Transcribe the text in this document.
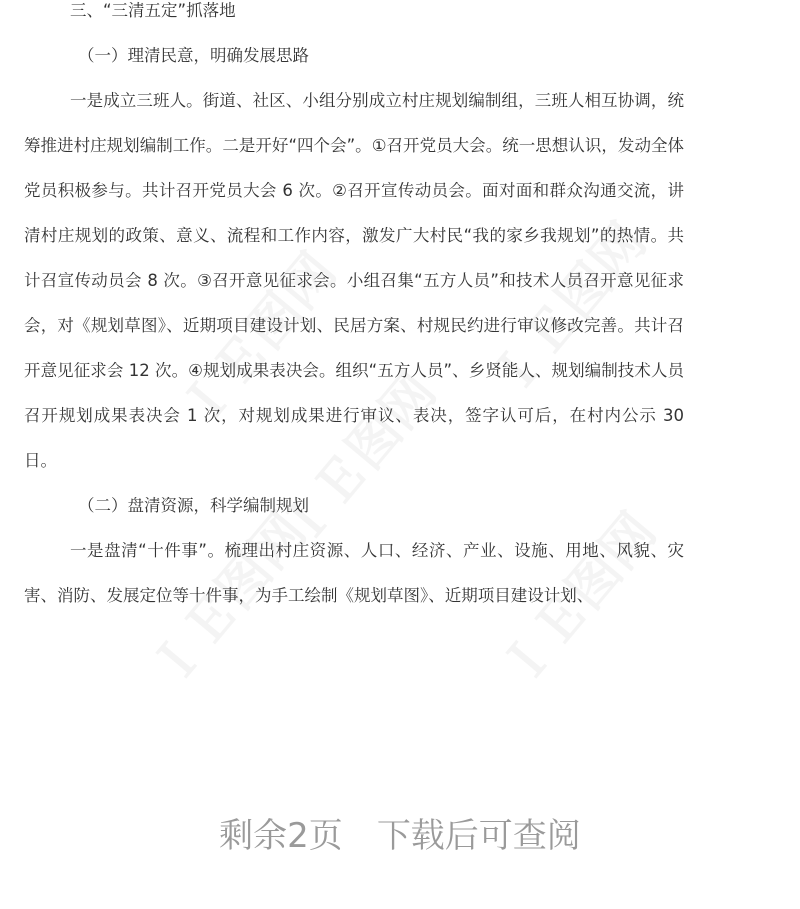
三、“三清五定”抓落地

（一）理清民意，明确发展思路

一是成立三班人。街道、社区、小组分别成立村庄规划编制组，三班人相互协调，统筹推进村庄规划编制工作。二是开好“四个会”。①召开党员大会。统一思想认识，发动全体党员积极参与。共计召开党员大会 6 次。②召开宣传动员会。面对面和群众沟通交流，讲清村庄规划的政策、意义、流程和工作内容，激发广大村民“我的家乡我规划”的热情。共计召宣传动员会 8 次。③召开意见征求会。小组召集“五方人员”和技术人员召开意见征求会，对《规划草图》、近期项目建设计划、民居方案、村规民约进行审议修改完善。共计召开意见征求会 12 次。④规划成果表决会。组织“五方人员”、乡贤能人、规划编制技术人员召开规划成果表决会 1 次，对规划成果进行审议、表决，签字认可后，在村内公示 30 日。

（二）盘清资源，科学编制规划

一是盘清“十件事”。梳理出村庄资源、人口、经济、产业、设施、用地、风貌、灾害、消防、发展定位等十件事，为手工绘制《规划草图》、近期项目建设计划、

剩余2页 下载后可查阅
